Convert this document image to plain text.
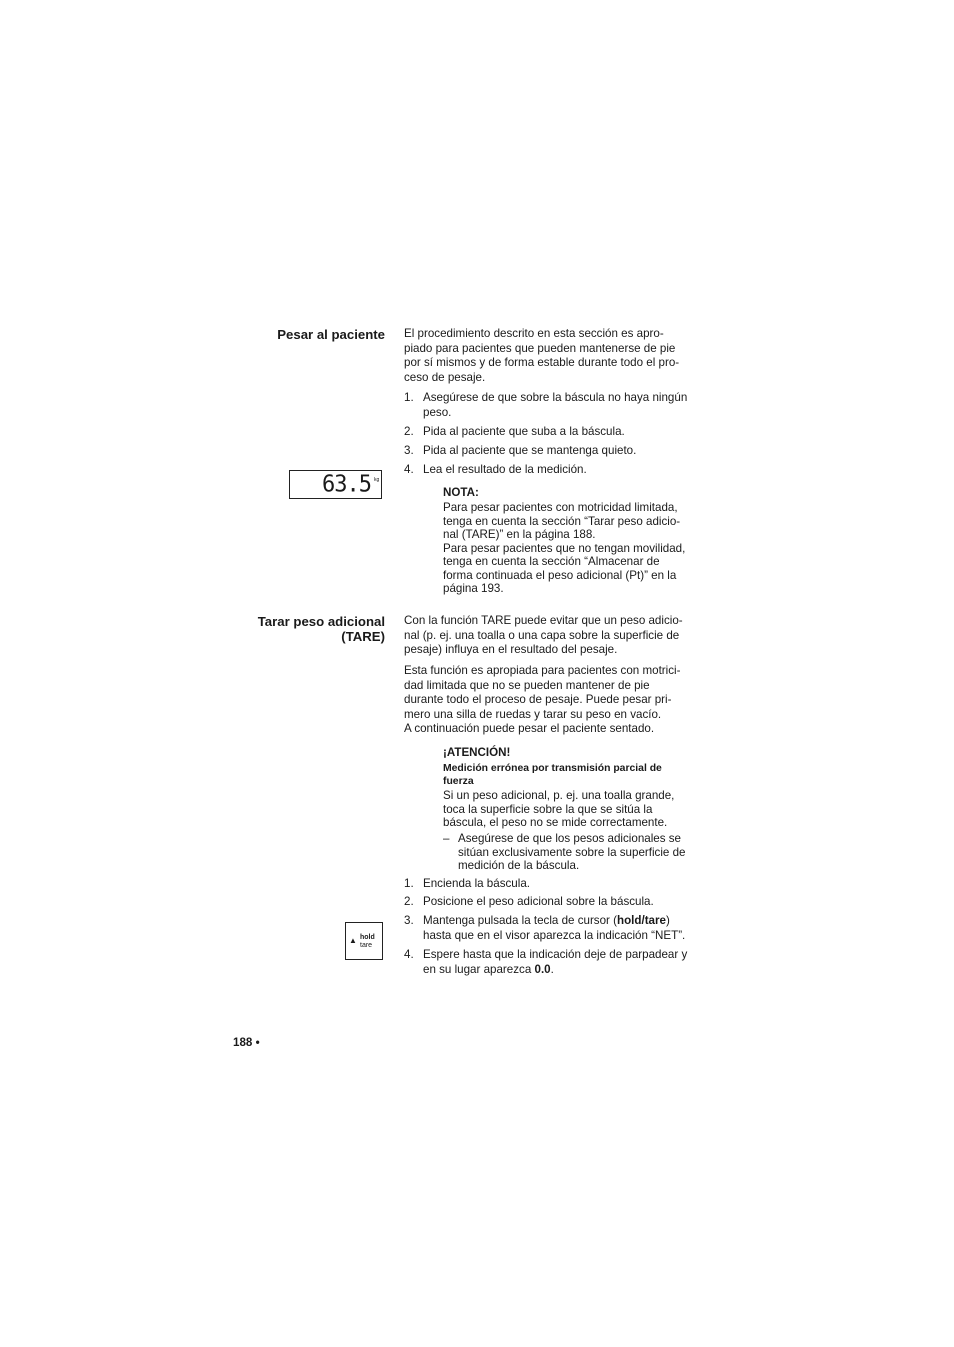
Pesar al paciente El procedimiento descrito en esta sección es apro-
piado para pacientes que pueden mantenerse de pie
por sí mismos y de forma estable durante todo el pro-
ceso de pesaje.
1. Asegúrese de que sobre la báscula no haya ningún
peso.
2. Pida al paciente que suba a la báscula.
3. Pida al paciente que se mantenga quieto.
4. Lea el resultado de la medición.
63.5 kg
NOTA:
Para pesar pacientes con motricidad limitada,
tenga en cuenta la sección “Tarar peso adicio-
nal (TARE)” en la página 188.
Para pesar pacientes que no tengan movilidad,
tenga en cuenta la sección “Almacenar de
forma continuada el peso adicional (Pt)” en la
página 193.
Tarar peso adicional
(TARE)
Con la función TARE puede evitar que un peso adicio-
nal (p. ej. una toalla o una capa sobre la superficie de
pesaje) influya en el resultado del pesaje.
Esta función es apropiada para pacientes con motrici-
dad limitada que no se pueden mantener de pie
durante todo el proceso de pesaje. Puede pesar pri-
mero una silla de ruedas y tarar su peso en vacío.
A continuación puede pesar el paciente sentado.
¡ATENCIÓN!
Medición errónea por transmisión parcial de
fuerza
Si un peso adicional, p. ej. una toalla grande,
toca la superficie sobre la que se sitúa la
báscula, el peso no se mide correctamente.
– Asegúrese de que los pesos adicionales se
sitúan exclusivamente sobre la superficie de
medición de la báscula.
1. Encienda la báscula.
2. Posicione el peso adicional sobre la báscula.
3. Mantenga pulsada la tecla de cursor (hold/tare)
hasta que en el visor aparezca la indicación “NET”.
4. Espere hasta que la indicación deje de parpadear y
en su lugar aparezca 0.0.
▲ hold
tare
188 •
